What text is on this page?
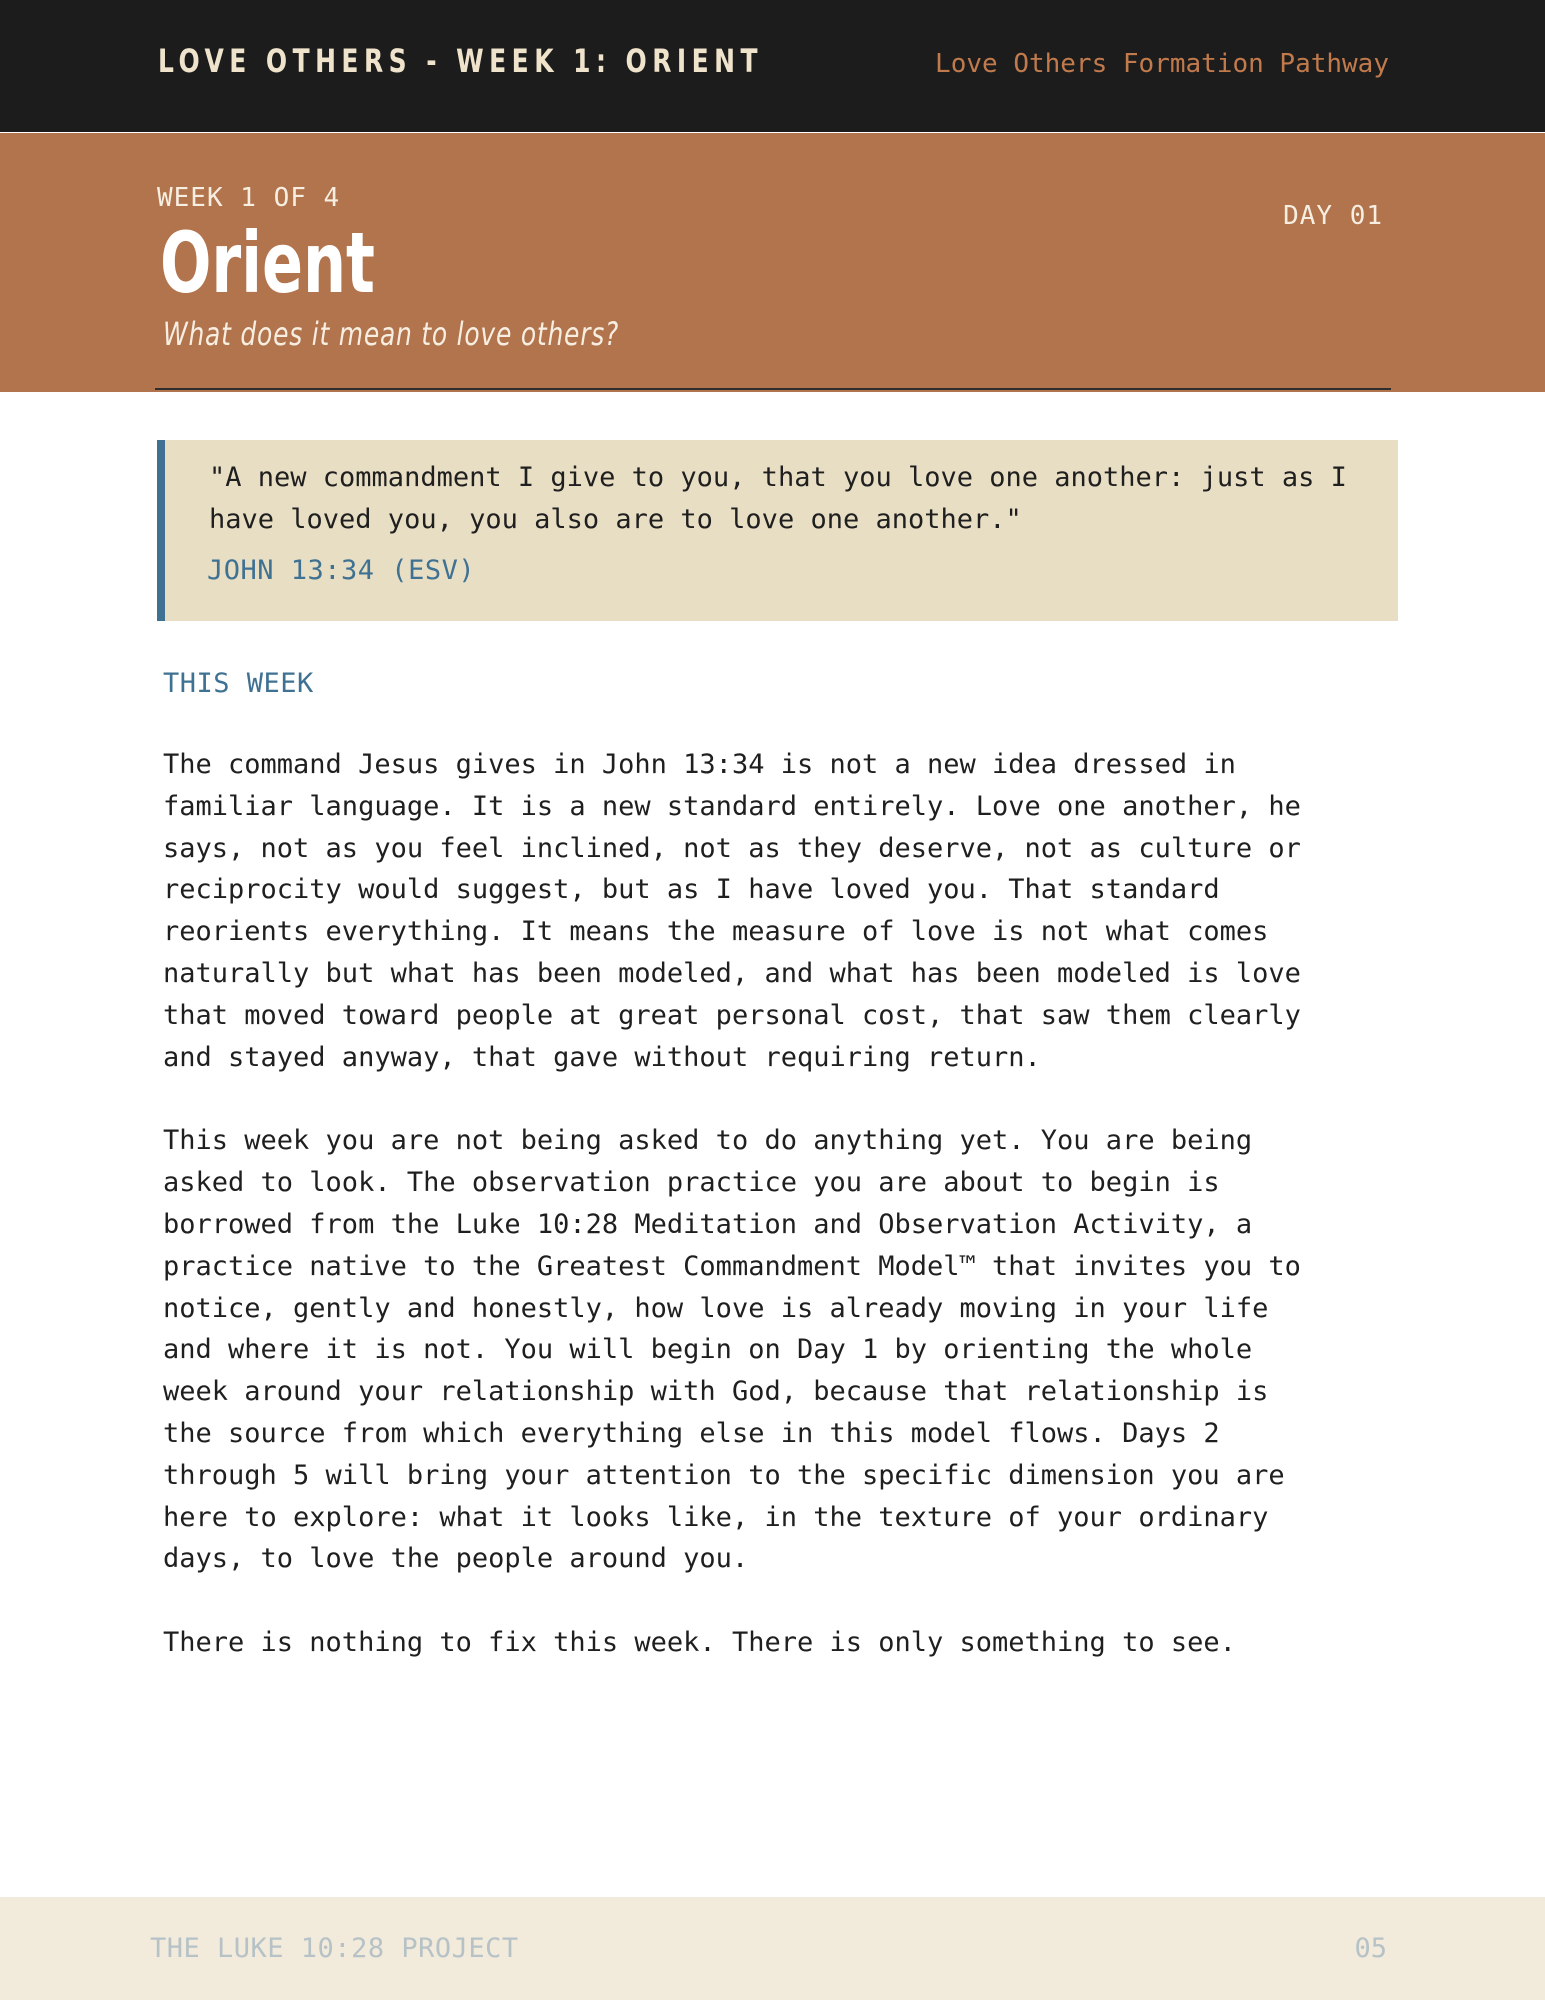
LOVE OTHERS - WEEK 1: ORIENT	Love Others Formation Pathway
WEEK 1 OF 4
DAY 01
Orient
What does it mean to love others?
"A new commandment I give to you, that you love one another: just as I have loved you, you also are to love one another."
JOHN 13:34 (ESV)
THIS WEEK

The command Jesus gives in John 13:34 is not a new idea dressed in familiar language. It is a new standard entirely. Love one another, he says, not as you feel inclined, not as they deserve, not as culture or reciprocity would suggest, but as I have loved you. That standard reorients everything. It means the measure of love is not what comes naturally but what has been modeled, and what has been modeled is love that moved toward people at great personal cost, that saw them clearly and stayed anyway, that gave without requiring return.

This week you are not being asked to do anything yet. You are being asked to look. The observation practice you are about to begin is borrowed from the Luke 10:28 Meditation and Observation Activity, a practice native to the Greatest Commandment Model™ that invites you to notice, gently and honestly, how love is already moving in your life and where it is not. You will begin on Day 1 by orienting the whole week around your relationship with God, because that relationship is the source from which everything else in this model flows. Days 2 through 5 will bring your attention to the specific dimension you are here to explore: what it looks like, in the texture of your ordinary days, to love the people around you.

There is nothing to fix this week. There is only something to see.

THE LUKE 10:28 PROJECT	05
